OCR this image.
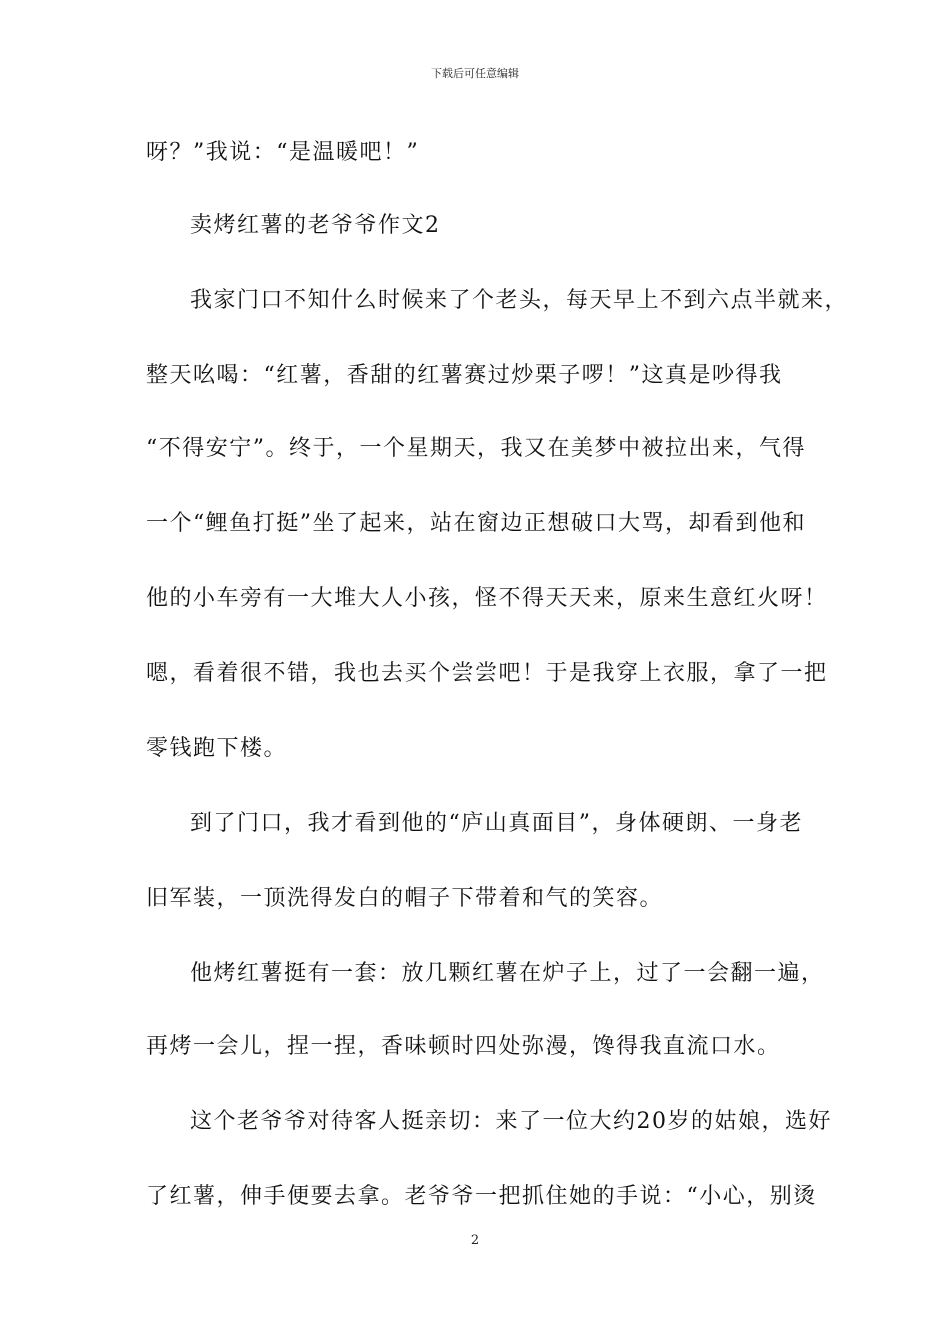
下载后可任意编辑
呀？”我说：“是温暖吧！”
卖烤红薯的老爷爷作文2
我家门口不知什么时候来了个老头，每天早上不到六点半就来，
整天吆喝：“红薯，香甜的红薯赛过炒栗子啰！”这真是吵得我
“不得安宁”。终于，一个星期天，我又在美梦中被拉出来，气得
一个“鲤鱼打挺”坐了起来，站在窗边正想破口大骂，却看到他和
他的小车旁有一大堆大人小孩，怪不得天天来，原来生意红火呀！
嗯，看着很不错，我也去买个尝尝吧！于是我穿上衣服，拿了一把
零钱跑下楼。
到了门口，我才看到他的“庐山真面目”，身体硬朗、一身老
旧军装，一顶洗得发白的帽子下带着和气的笑容。
他烤红薯挺有一套：放几颗红薯在炉子上，过了一会翻一遍，
再烤一会儿，捏一捏，香味顿时四处弥漫，馋得我直流口水。
这个老爷爷对待客人挺亲切：来了一位大约20岁的姑娘，选好
了红薯，伸手便要去拿。老爷爷一把抓住她的手说：“小心，别烫
2
